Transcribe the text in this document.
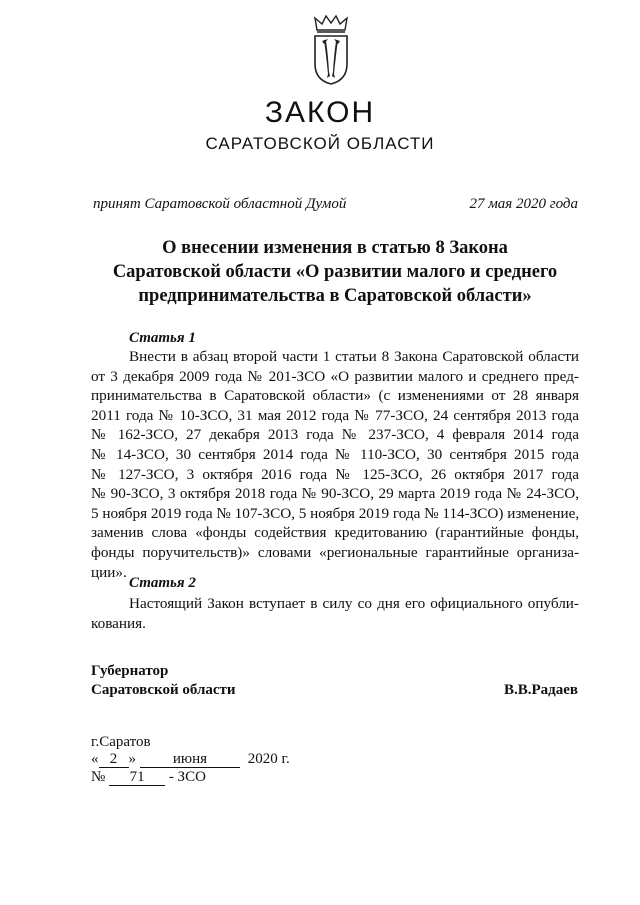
ЗАКОН
САРАТОВСКОЙ ОБЛАСТИ
принят Саратовской областной Думой	27 мая 2020 года
О внесении изменения в статью 8 Закона
Саратовской области «О развитии малого и среднего
предпринимательства в Саратовской области»
Статья 1
Внести в абзац второй части 1 статьи 8 Закона Саратовской области
от 3 декабря 2009 года № 201-ЗСО «О развитии малого и среднего пред-
принимательства в Саратовской области» (с изменениями от 28 января
2011 года № 10-ЗСО, 31 мая 2012 года № 77-ЗСО, 24 сентября 2013 года
№ 162-ЗСО, 27 декабря 2013 года № 237-ЗСО, 4 февраля 2014 года
№ 14-ЗСО, 30 сентября 2014 года № 110-ЗСО, 30 сентября 2015 года
№ 127-ЗСО, 3 октября 2016 года № 125-ЗСО, 26 октября 2017 года
№ 90-ЗСО, 3 октября 2018 года № 90-ЗСО, 29 марта 2019 года № 24-ЗСО,
5 ноября 2019 года № 107-ЗСО, 5 ноября 2019 года № 114-ЗСО) изменение,
заменив слова «фонды содействия кредитованию (гарантийные фонды,
фонды поручительств)» словами «региональные гарантийные организа-
ции».
Статья 2
Настоящий Закон вступает в силу со дня его официального опубли-
кования.
Губернатор
Саратовской области	В.В.Радаев
г.Саратов
« 2 » июня	2020 г.
№ 71 - ЗСО
